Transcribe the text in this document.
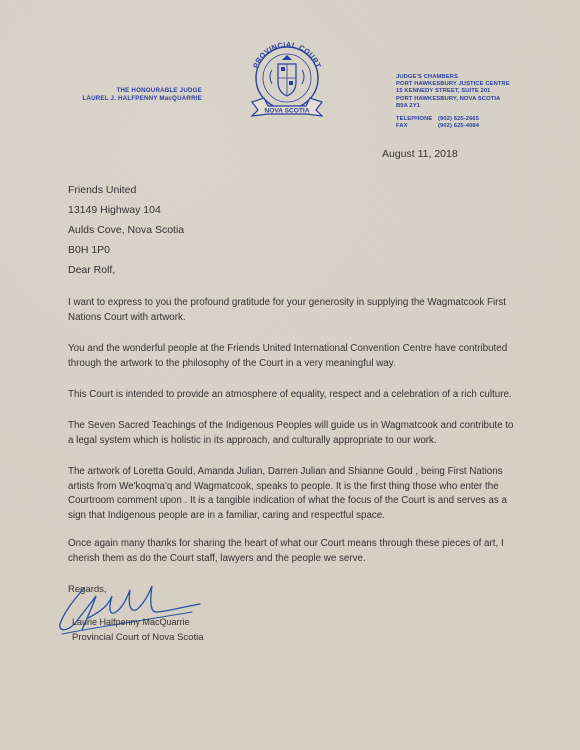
THE HONOURABLE JUDGE
LAUREL J. HALFPENNY MacQUARRIE
PROVINCIAL COURT
NOVA SCOTIA
JUDGE'S CHAMBERS
PORT HAWKESBURY JUSTICE CENTRE
15 KENNEDY STREET, SUITE 201
PORT HAWKESBURY, NOVA SCOTIA
B9A 2Y1
TELEPHONE (902) 625-2665
FAX	(902) 625-4084
August 11, 2018
Friends United
13149 Highway 104
Aulds Cove, Nova Scotia
B0H 1P0
Dear Rolf,
I want to express to you the profound gratitude for your generosity in supplying the Wagmatcook First Nations Court with artwork.
You and the wonderful people at the Friends United International Convention Centre have contributed through the artwork to the philosophy of the Court in a very meaningful way.
This Court is intended to provide an atmosphere of equality, respect and a celebration of a rich culture.
The Seven Sacred Teachings of the Indigenous Peoples will guide us in Wagmatcook and contribute to a legal system which is holistic in its approach, and culturally appropriate to our work.
The artwork of Loretta Gould, Amanda Julian, Darren Julian and Shianne Gould , being First Nations artists from We'koqma'q and Wagmatcook, speaks to people. It is the first thing those who enter the Courtroom comment upon . It is a tangible indication of what the focus of the Court is and serves as a sign that Indigenous people are in a familiar, caring and respectful space.
Once again many thanks for sharing the heart of what our Court means through these pieces of art, I cherish them as do the Court staff, lawyers and the people we serve.
Regards,
Laurie Halfpenny MacQuarrie
Provincial Court of Nova Scotia
